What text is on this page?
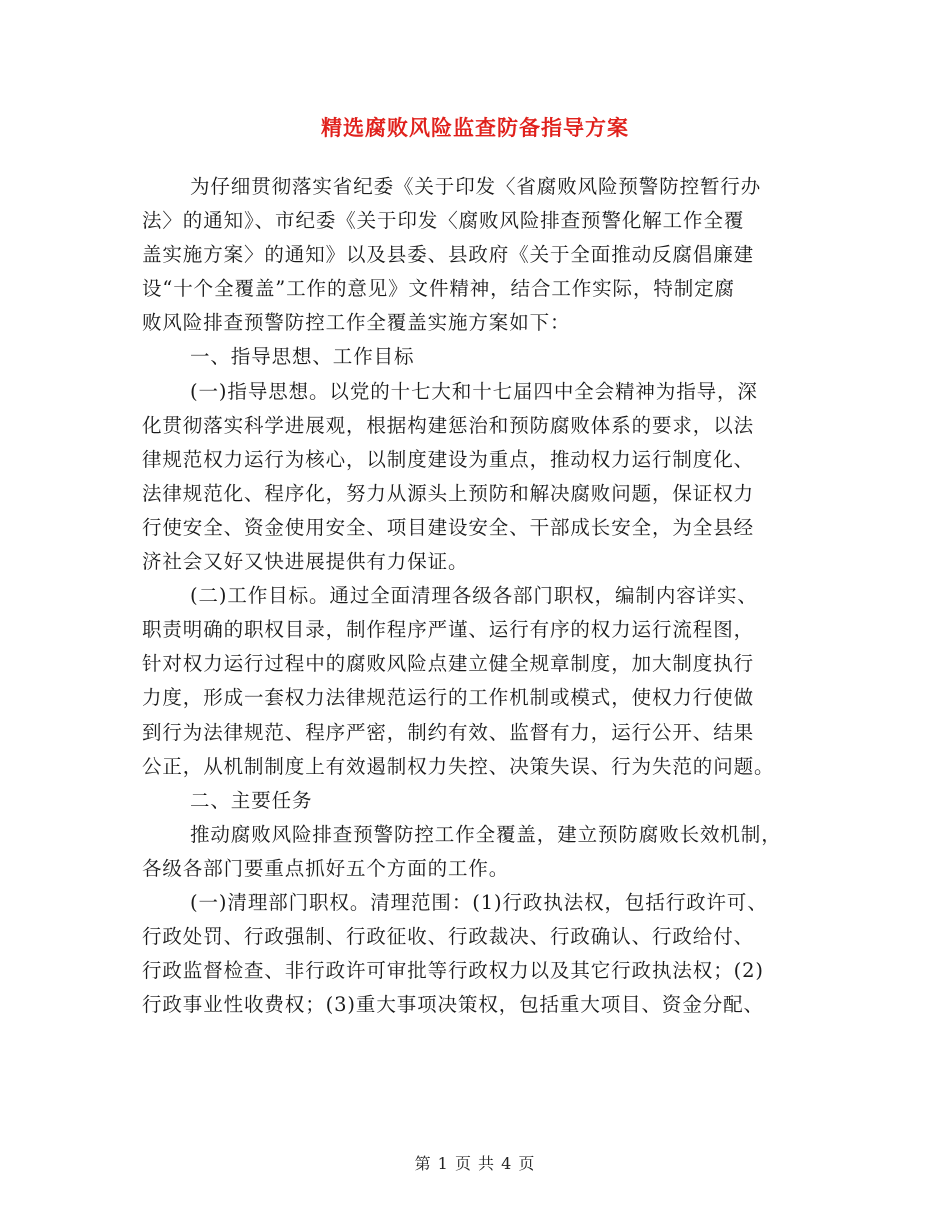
精选腐败风险监查防备指导方案
为仔细贯彻落实省纪委《关于印发〈省腐败风险预警防控暂行办
法〉的通知》、市纪委《关于印发〈腐败风险排查预警化解工作全覆
盖实施方案〉的通知》以及县委、县政府《关于全面推动反腐倡廉建
设“十个全覆盖”工作的意见》文件精神，结合工作实际，特制定腐
败风险排查预警防控工作全覆盖实施方案如下：
一、指导思想、工作目标
(一)指导思想。以党的十七大和十七届四中全会精神为指导，深
化贯彻落实科学进展观，根据构建惩治和预防腐败体系的要求，以法
律规范权力运行为核心，以制度建设为重点，推动权力运行制度化、
法律规范化、程序化，努力从源头上预防和解决腐败问题，保证权力
行使安全、资金使用安全、项目建设安全、干部成长安全，为全县经
济社会又好又快进展提供有力保证。
(二)工作目标。通过全面清理各级各部门职权，编制内容详实、
职责明确的职权目录，制作程序严谨、运行有序的权力运行流程图，
针对权力运行过程中的腐败风险点建立健全规章制度，加大制度执行
力度，形成一套权力法律规范运行的工作机制或模式，使权力行使做
到行为法律规范、程序严密，制约有效、监督有力，运行公开、结果
公正，从机制制度上有效遏制权力失控、决策失误、行为失范的问题。
二、主要任务
推动腐败风险排查预警防控工作全覆盖，建立预防腐败长效机制，
各级各部门要重点抓好五个方面的工作。
(一)清理部门职权。清理范围：(1)行政执法权，包括行政许可、
行政处罚、行政强制、行政征收、行政裁决、行政确认、行政给付、
行政监督检查、非行政许可审批等行政权力以及其它行政执法权；(2)
行政事业性收费权；(3)重大事项决策权，包括重大项目、资金分配、
第 1 页 共 4 页
